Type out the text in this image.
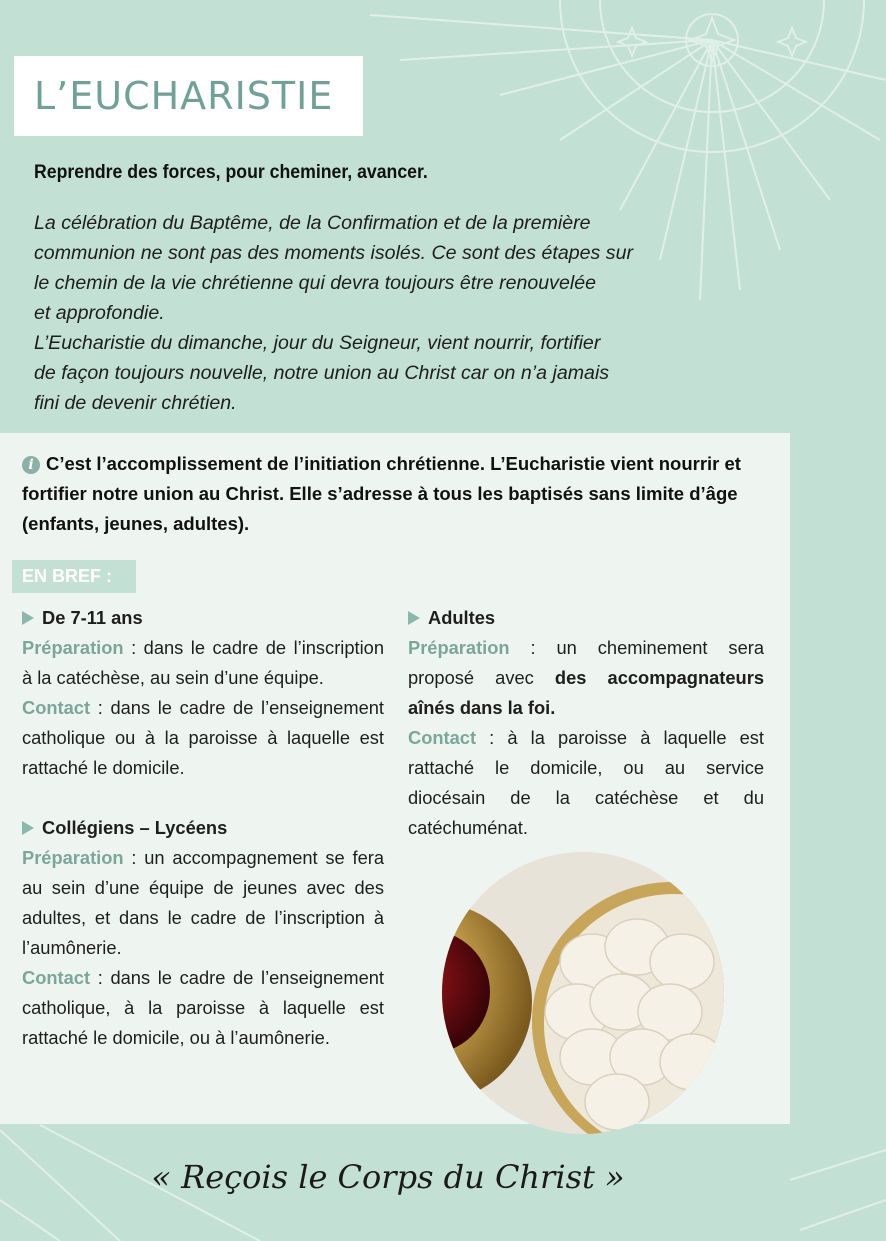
L’EUCHARISTIE
Reprendre des forces, pour cheminer, avancer.

La célébration du Baptême, de la Confirmation et de la première
communion ne sont pas des moments isolés. Ce sont des étapes sur
le chemin de la vie chrétienne qui devra toujours être renouvelée
et approfondie.

L’Eucharistie du dimanche, jour du Seigneur, vient nourrir, fortifier
de façon toujours nouvelle, notre union au Christ car on n’a jamais
fini de devenir chrétien.

i C’est l’accomplissement de l’initiation chrétienne. L’Eucharistie vient nourrir et fortifier notre union au Christ. Elle s’adresse à tous les baptisés sans limite d’âge (enfants, jeunes, adultes).
EN BREF :
De 7-11 ans

Préparation : dans le cadre de l’inscription à la catéchèse, au sein d’une équipe.

Contact : dans le cadre de l’enseignement catholique ou à la paroisse à laquelle est rattaché le domicile.

Collégiens – Lycéens

Préparation : un accompagnement se fera au sein d’une équipe de jeunes avec des adultes, et dans le cadre de l’inscription à l’aumônerie.

Contact : dans le cadre de l’enseignement catholique, à la paroisse à laquelle est rattaché le domicile, ou à l’aumônerie.

Adultes

Préparation : un cheminement sera proposé avec des accompagnateurs aînés dans la foi.

Contact : à la paroisse à laquelle est rattaché le domicile, ou au service diocésain de la catéchèse et du catéchuménat.

« Reçois le Corps du Christ »
